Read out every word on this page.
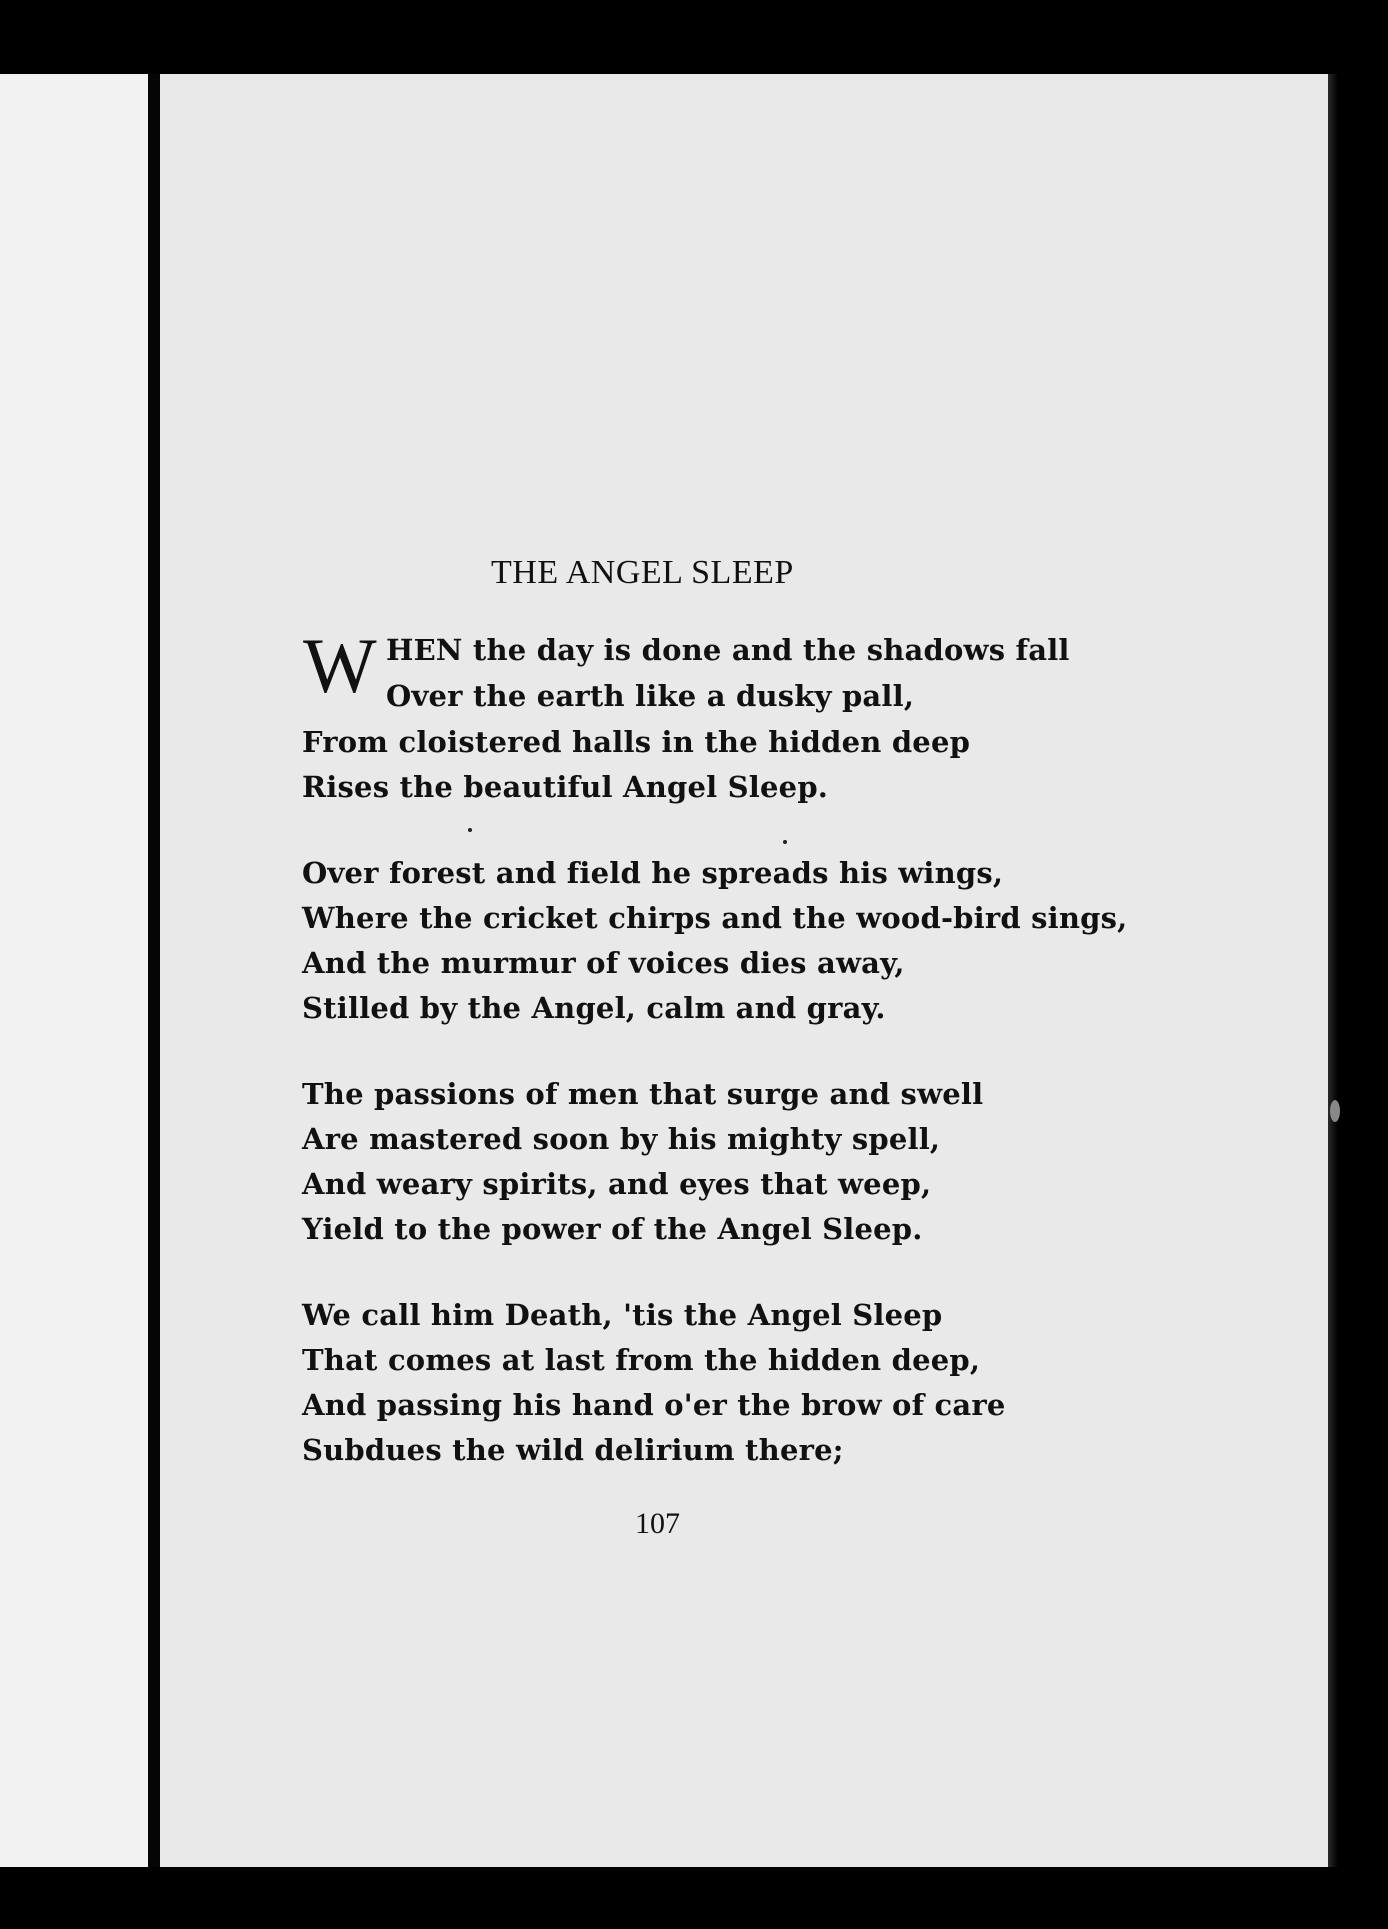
THE ANGEL SLEEP
W HEN the day is done and the shadows fall
Over the earth like a dusky pall,
From cloistered halls in the hidden deep
Rises the beautiful Angel Sleep.
Over forest and field he spreads his wings,
Where the cricket chirps and the wood-bird sings,
And the murmur of voices dies away,
Stilled by the Angel, calm and gray.
The passions of men that surge and swell
Are mastered soon by his mighty spell,
And weary spirits, and eyes that weep,
Yield to the power of the Angel Sleep.
We call him Death, 'tis the Angel Sleep
That comes at last from the hidden deep,
And passing his hand o'er the brow of care
Subdues the wild delirium there;
107
